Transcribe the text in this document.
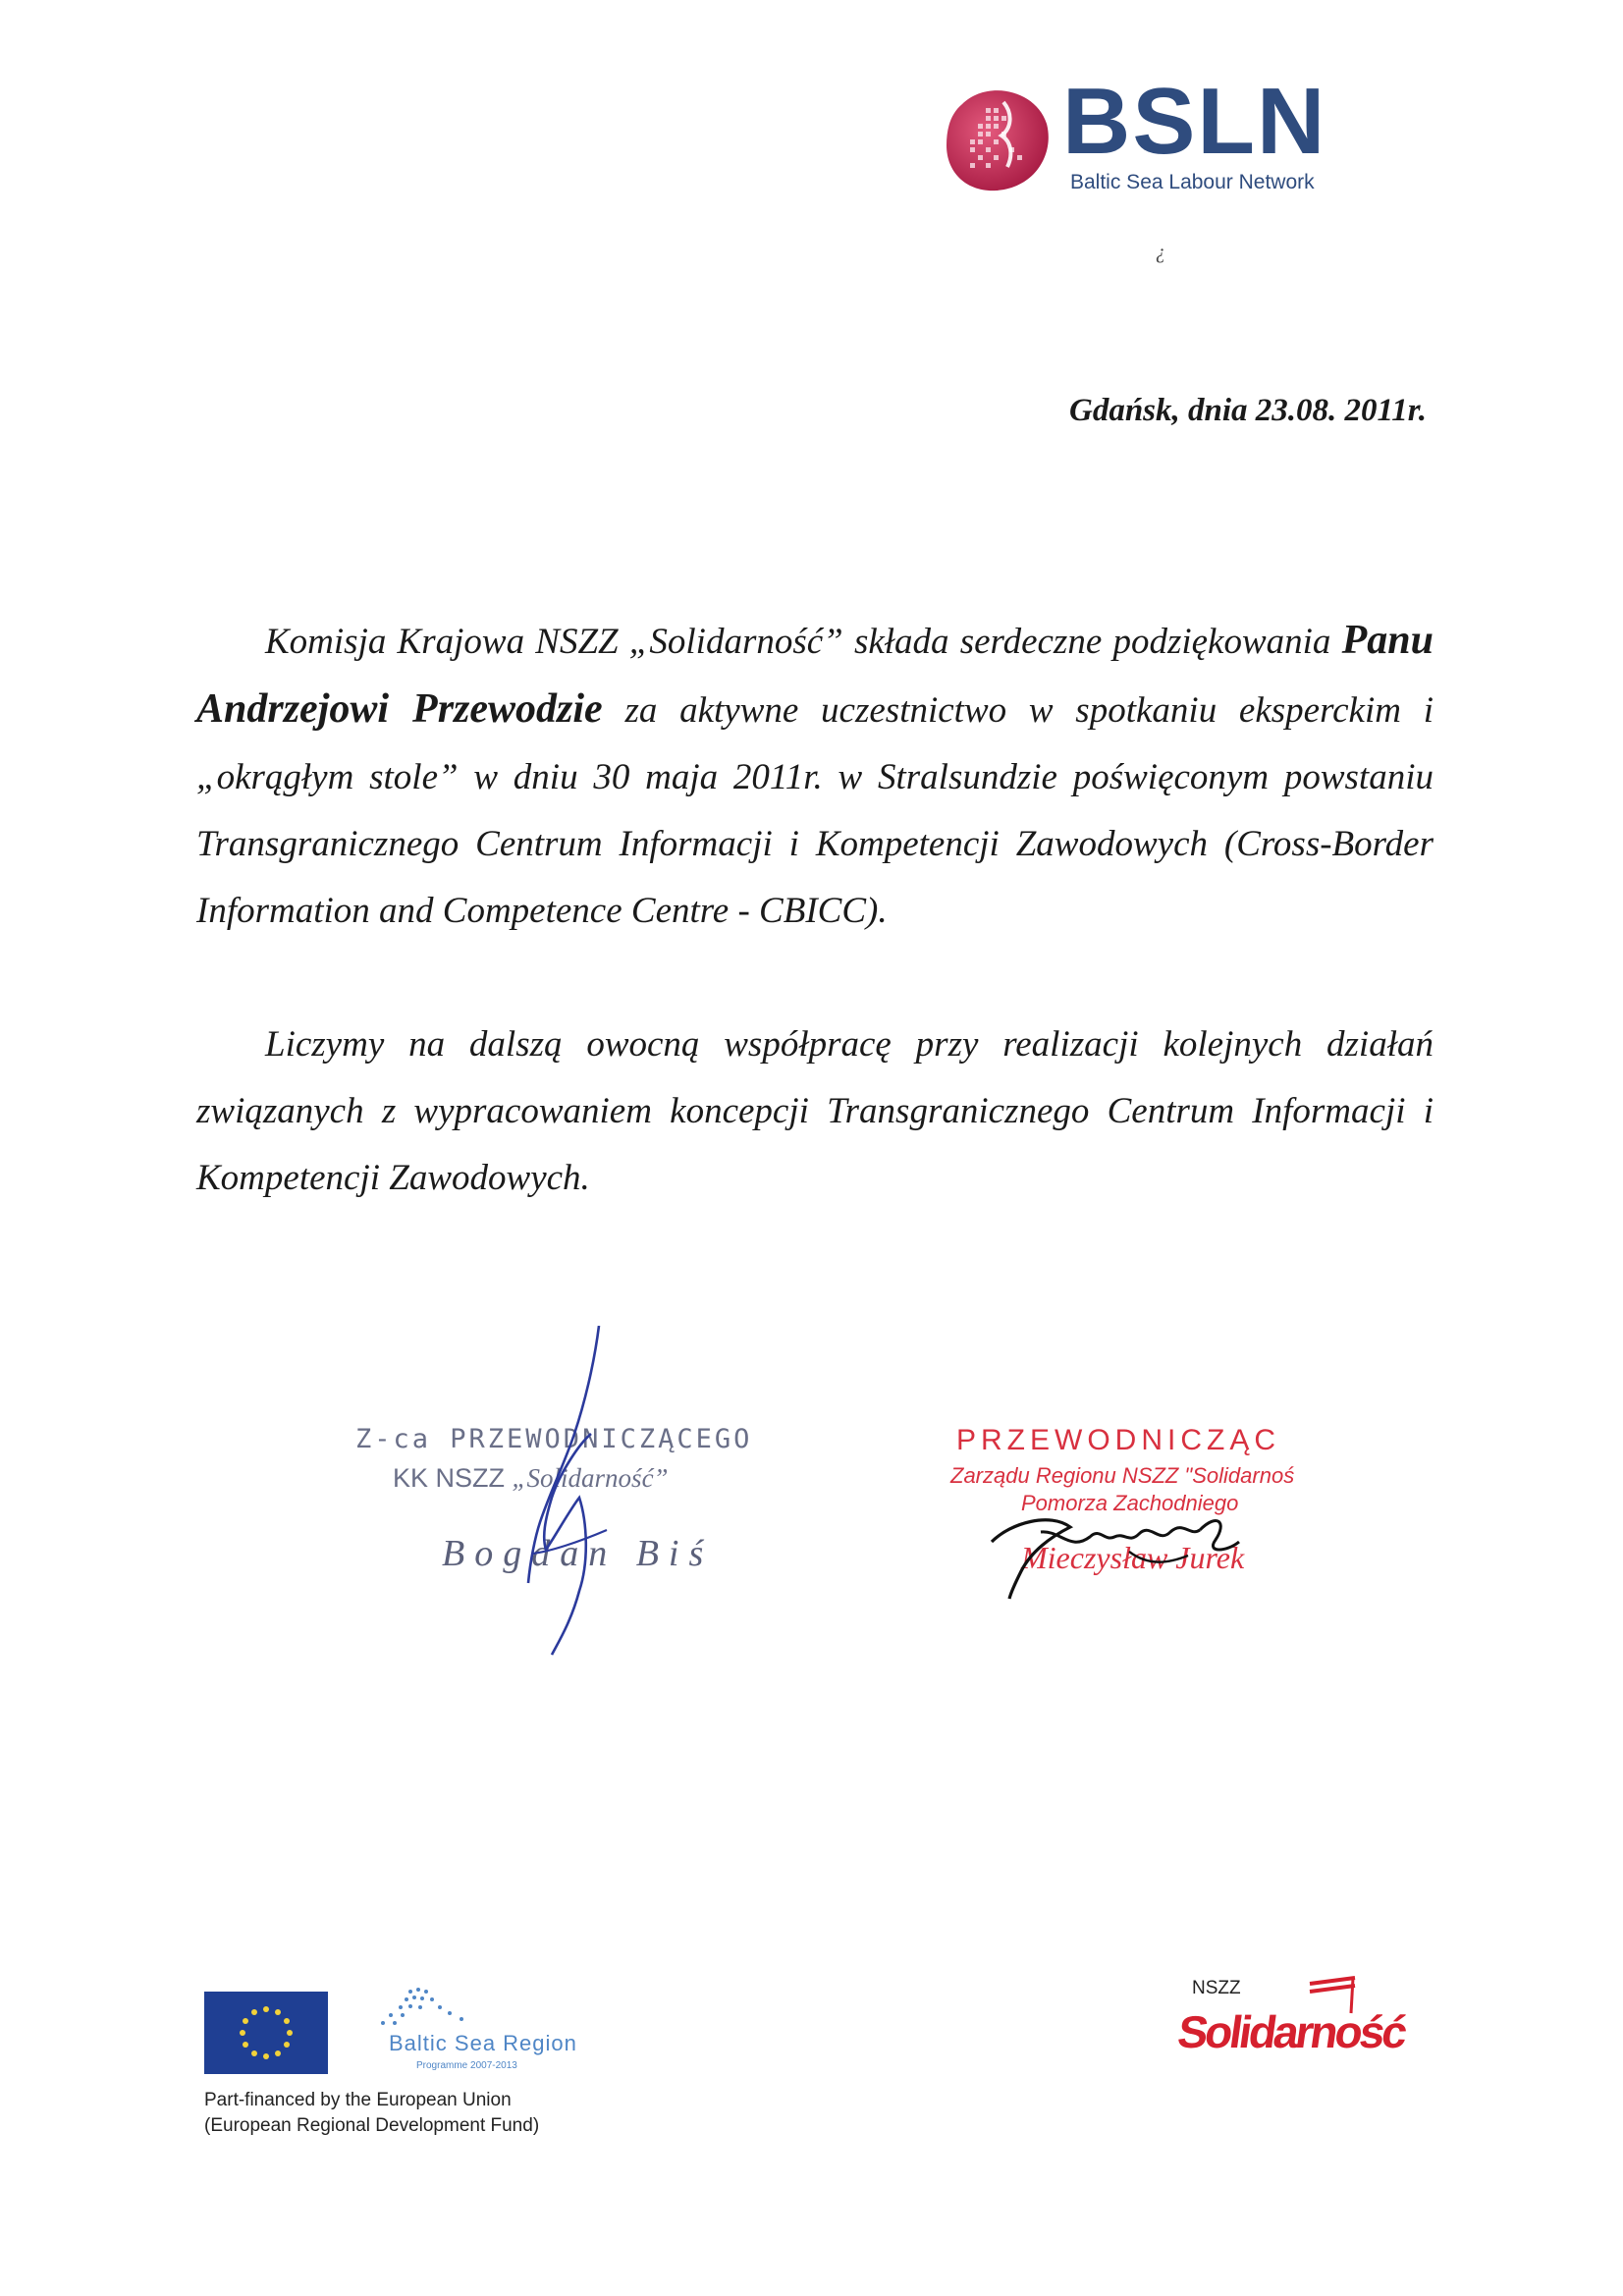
BSLN
Baltic Sea Labour Network
¿
Gdańsk, dnia 23.08. 2011r.
Komisja Krajowa NSZZ „Solidarność” składa serdeczne podziękowania Panu Andrzejowi Przewodzie za aktywne uczestnictwo w spotkaniu eksperckim i „okrągłym stole” w dniu 30 maja 2011r. w Stralsundzie poświęconym powstaniu Transgranicznego Centrum Informacji i Kompetencji Zawodowych (Cross-Border Information and Competence Centre - CBICC).
Liczymy na dalszą owocną współpracę przy realizacji kolejnych działań związanych z wypracowaniem koncepcji Transgranicznego Centrum Informacji i Kompetencji Zawodowych.
Z-ca PRZEWODNICZĄCEGO
KK NSZZ „Solidarność”
Bogdan Biś
PRZEWODNICZĄC
Zarządu Regionu NSZZ "Solidarnoś
Pomorza Zachodniego
Mieczysław Jurek
Baltic Sea Region
Programme 2007-2013
Part-financed by the European Union
(European Regional Development Fund)
NSZZ
Solidarność
